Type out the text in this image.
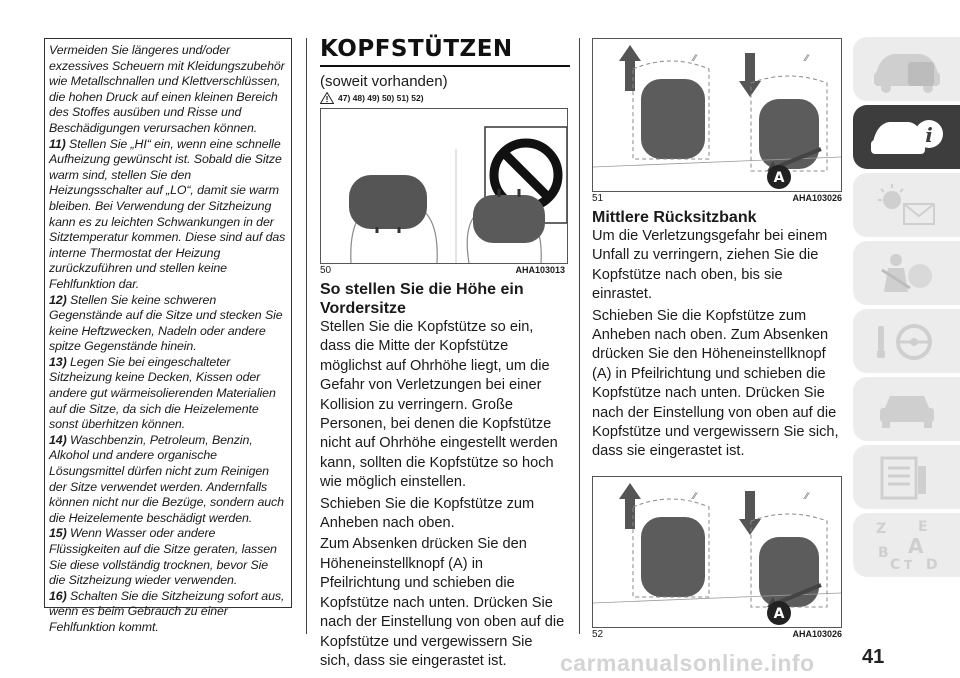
Vermeiden Sie längeres und/oder exzessives Scheuern mit Kleidungszubehör wie Metallschnallen und Klettverschlüssen, die hohen Druck auf einen kleinen Bereich des Stoffes ausüben und Risse und Beschädigungen verursachen können.

11) Stellen Sie „HI“ ein, wenn eine schnelle Aufheizung gewünscht ist. Sobald die Sitze warm sind, stellen Sie den Heizungsschalter auf „LO“, damit sie warm bleiben. Bei Verwendung der Sitzheizung kann es zu leichten Schwankungen in der Sitztemperatur kommen. Diese sind auf das interne Thermostat der Heizung zurückzuführen und stellen keine Fehlfunktion dar.

12) Stellen Sie keine schweren Gegenstände auf die Sitze und stecken Sie keine Heftzwecken, Nadeln oder andere spitze Gegenstände hinein.

13) Legen Sie bei eingeschalteter Sitzheizung keine Decken, Kissen oder andere gut wärmeisolierenden Materialien auf die Sitze, da sich die Heizelemente sonst überhitzen können.

14) Waschbenzin, Petroleum, Benzin, Alkohol und andere organische Lösungsmittel dürfen nicht zum Reinigen der Sitze verwendet werden. Andernfalls können nicht nur die Bezüge, sondern auch die Heizelemente beschädigt werden.

15) Wenn Wasser oder andere Flüssigkeiten auf die Sitze geraten, lassen Sie diese vollständig trocknen, bevor Sie die Sitzheizung wieder verwenden.

16) Schalten Sie die Sitzheizung sofort aus, wenn es beim Gebrauch zu einer Fehlfunktion kommt.

KOPFSTÜTZEN
(soweit vorhanden)
47) 48) 49) 50) 51) 52)
50	AHA103013
So stellen Sie die Höhe ein Vordersitze

Stellen Sie die Kopfstütze so ein, dass die Mitte der Kopfstütze möglichst auf Ohrhöhe liegt, um die Gefahr von Verletzungen bei einer Kollision zu verringern. Große Personen, bei denen die Kopfstütze nicht auf Ohrhöhe eingestellt werden kann, sollten die Kopfstütze so hoch wie möglich einstellen.

Schieben Sie die Kopfstütze zum Anheben nach oben.

Zum Absenken drücken Sie den Höheneinstellknopf (A) in Pfeilrichtung und schieben die Kopfstütze nach unten. Drücken Sie nach der Einstellung von oben auf die Kopfstütze und vergewissern Sie sich, dass sie eingerastet ist.

⁄⁄	⁄⁄
A
51	AHA103026
Mittlere Rücksitzbank

Um die Verletzungsgefahr bei einem Unfall zu verringern, ziehen Sie die Kopfstütze nach oben, bis sie einrastet.

Schieben Sie die Kopfstütze zum Anheben nach oben. Zum Absenken drücken Sie den Höheneinstellknopf (A) in Pfeilrichtung und schieben die Kopfstütze nach unten. Drücken Sie nach der Einstellung von oben auf die Kopfstütze und vergewissern Sie sich, dass sie eingerastet ist.

⁄⁄	⁄⁄
A
52	AHA103026
i
Z E
B A
C T D
carmanualsonline.info 41
